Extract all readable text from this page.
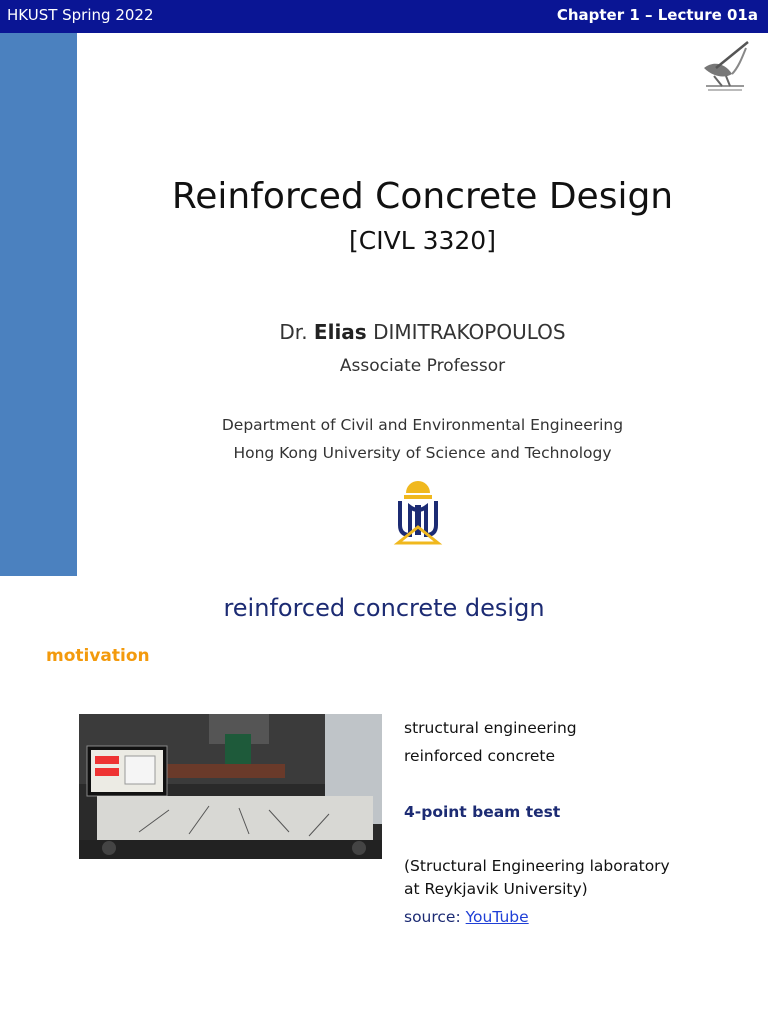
HKUST Spring 2022	Chapter 1 – Lecture 01a
Reinforced Concrete Design
[CIVL 3320]
Dr. Elias DIMITRAKOPOULOS
Associate Professor
Department of Civil and Environmental Engineering
Hong Kong University of Science and Technology
reinforced concrete design
motivation
structural engineering
reinforced concrete
4-point beam test
(Structural Engineering laboratory
at Reykjavik University)
source: YouTube
